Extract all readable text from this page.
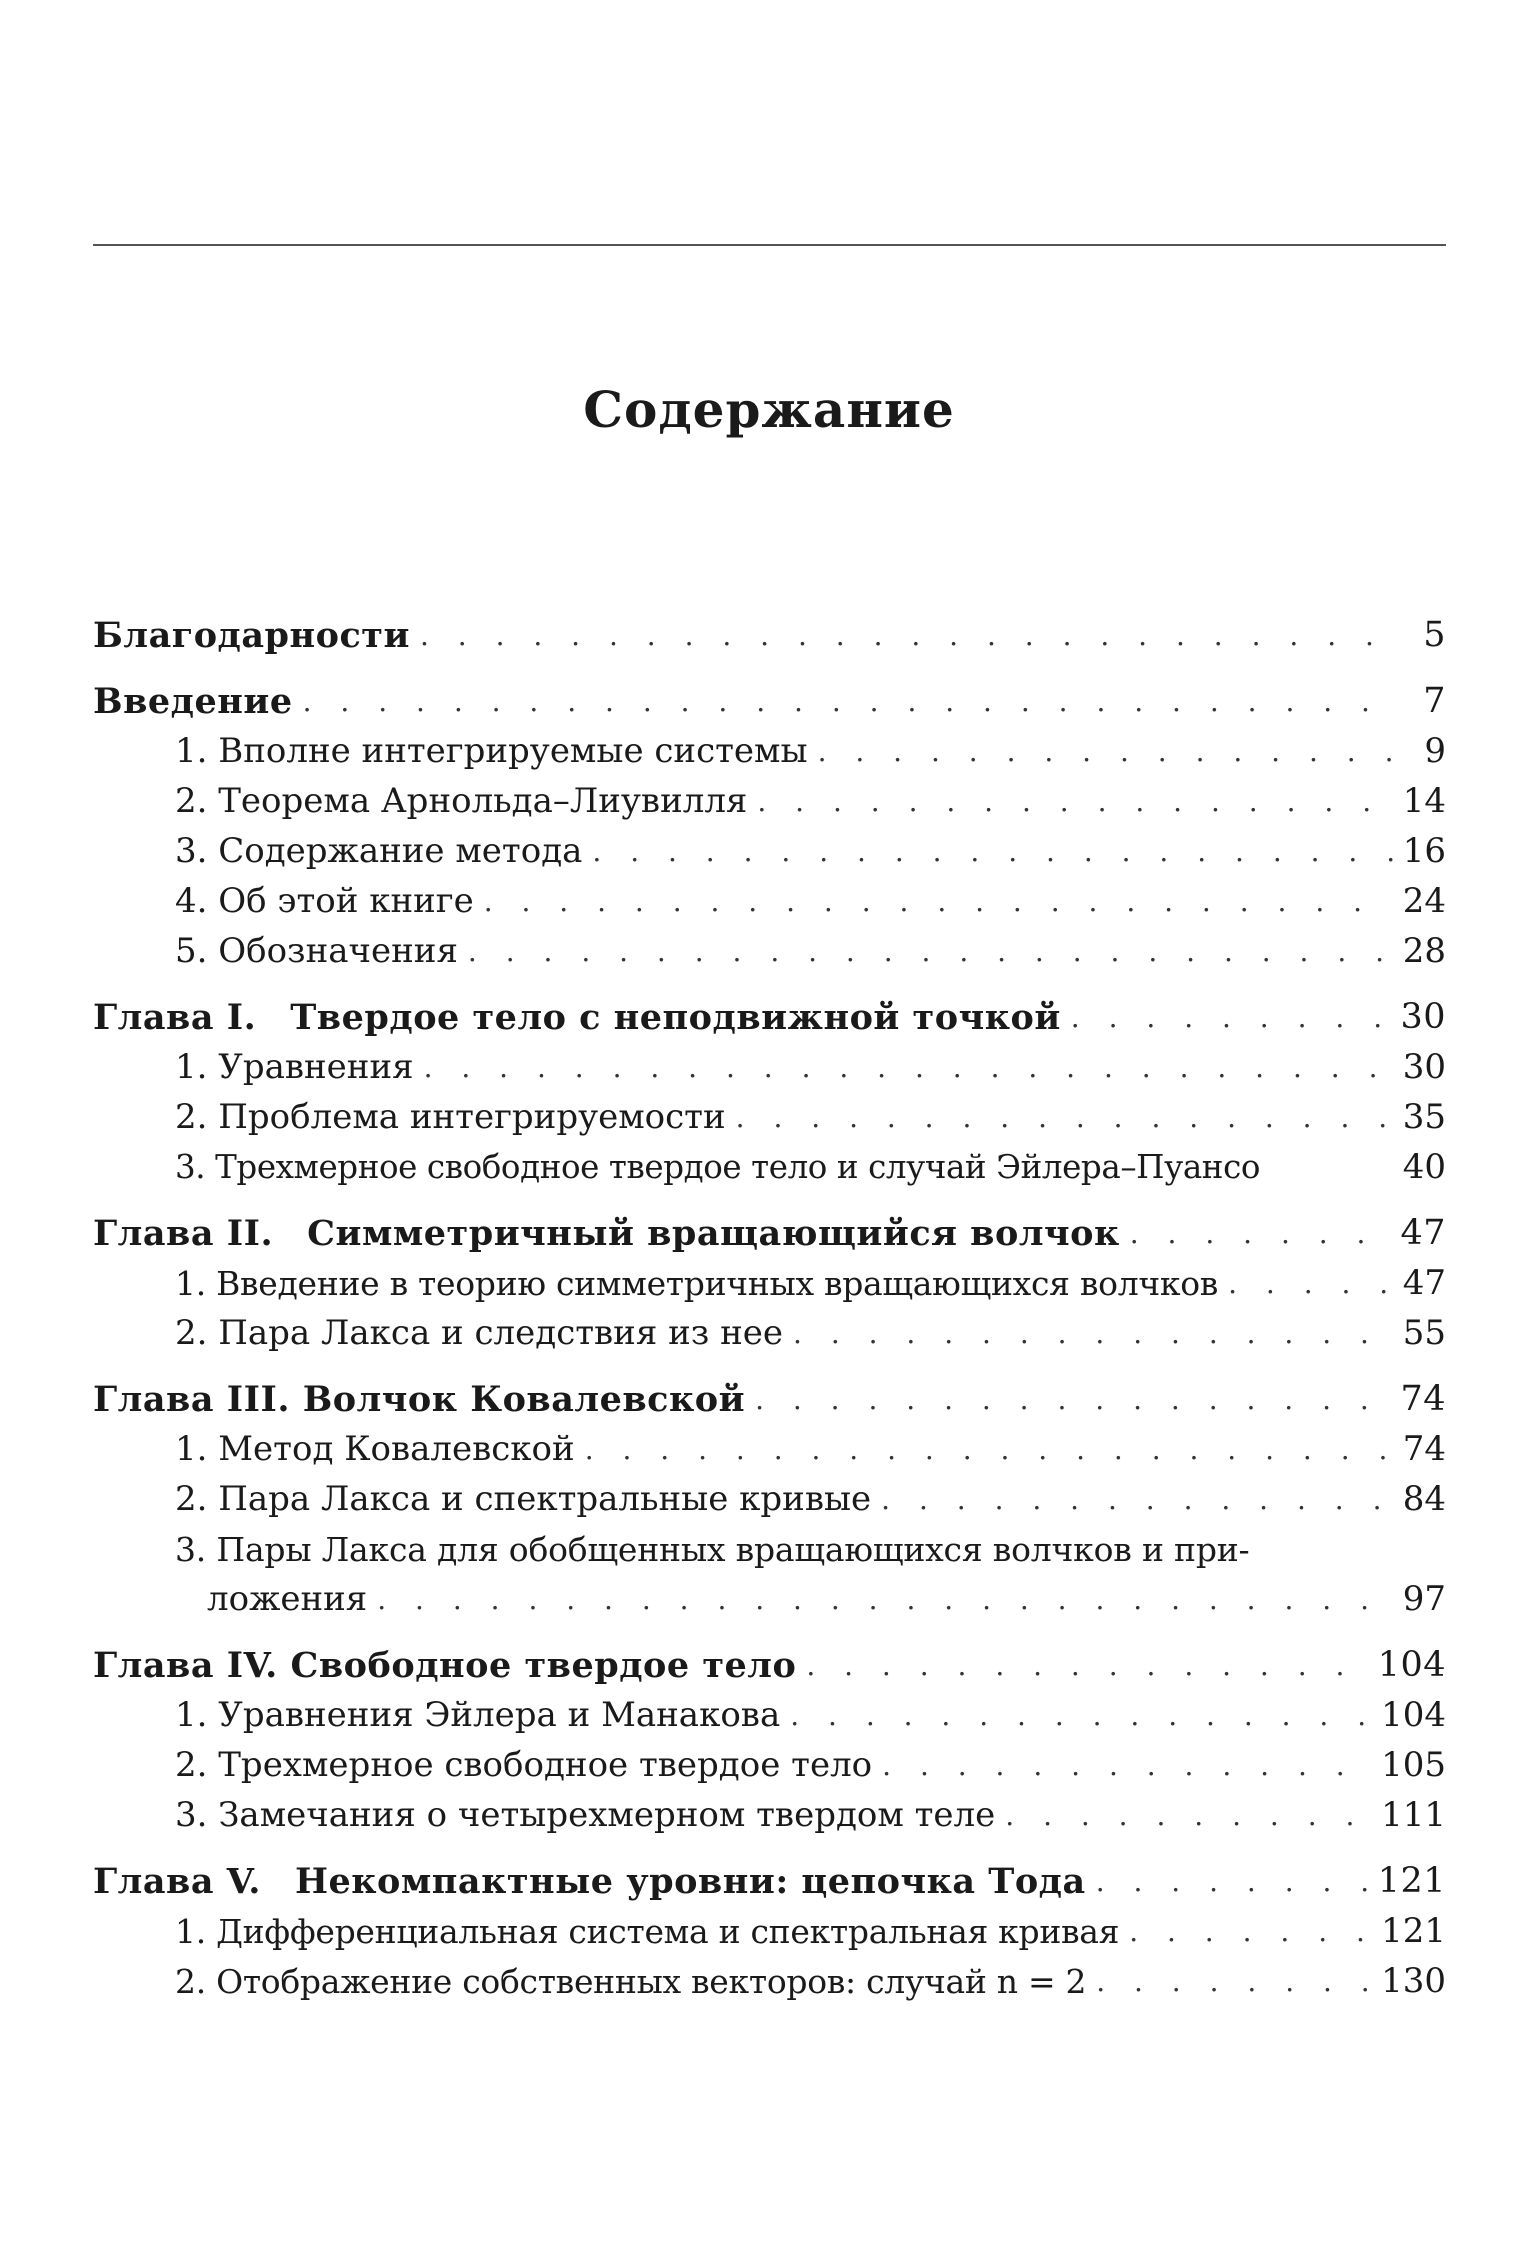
Содержание
Благодарности . . .	5
Введение . . .	7
1. Вполне интегрируемые системы . . .	9
2. Теорема Арнольда–Лиувилля . . .	14
3. Содержание метода . . .	16
4. Об этой книге . . .	24
5. Обозначения . . .	28
Глава I. Твердое тело с неподвижной точкой . . .	30
1. Уравнения . . .	30
2. Проблема интегрируемости . . .	35
3. Трехмерное свободное твердое тело и случай Эйлера–Пуансо	40
Глава II. Симметричный вращающийся волчок . . .	47
1. Введение в теорию симметричных вращающихся волчков . . .	47
2. Пара Лакса и следствия из нее . . .	55
Глава III. Волчок Ковалевской . . .	74
1. Метод Ковалевской . . .	74
2. Пара Лакса и спектральные кривые . . .	84
3. Пары Лакса для обобщенных вращающихся волчков и при-
ложения . . .	97
Глава IV. Свободное твердое тело . . .	104
1. Уравнения Эйлера и Манакова . . .	104
2. Трехмерное свободное твердое тело . . .	105
3. Замечания о четырехмерном твердом теле . . .	111
Глава V. Некомпактные уровни: цепочка Тода . . .	121
1. Дифференциальная система и спектральная кривая . . .	121
2. Отображение собственных векторов: случай n = 2 . . .	130
